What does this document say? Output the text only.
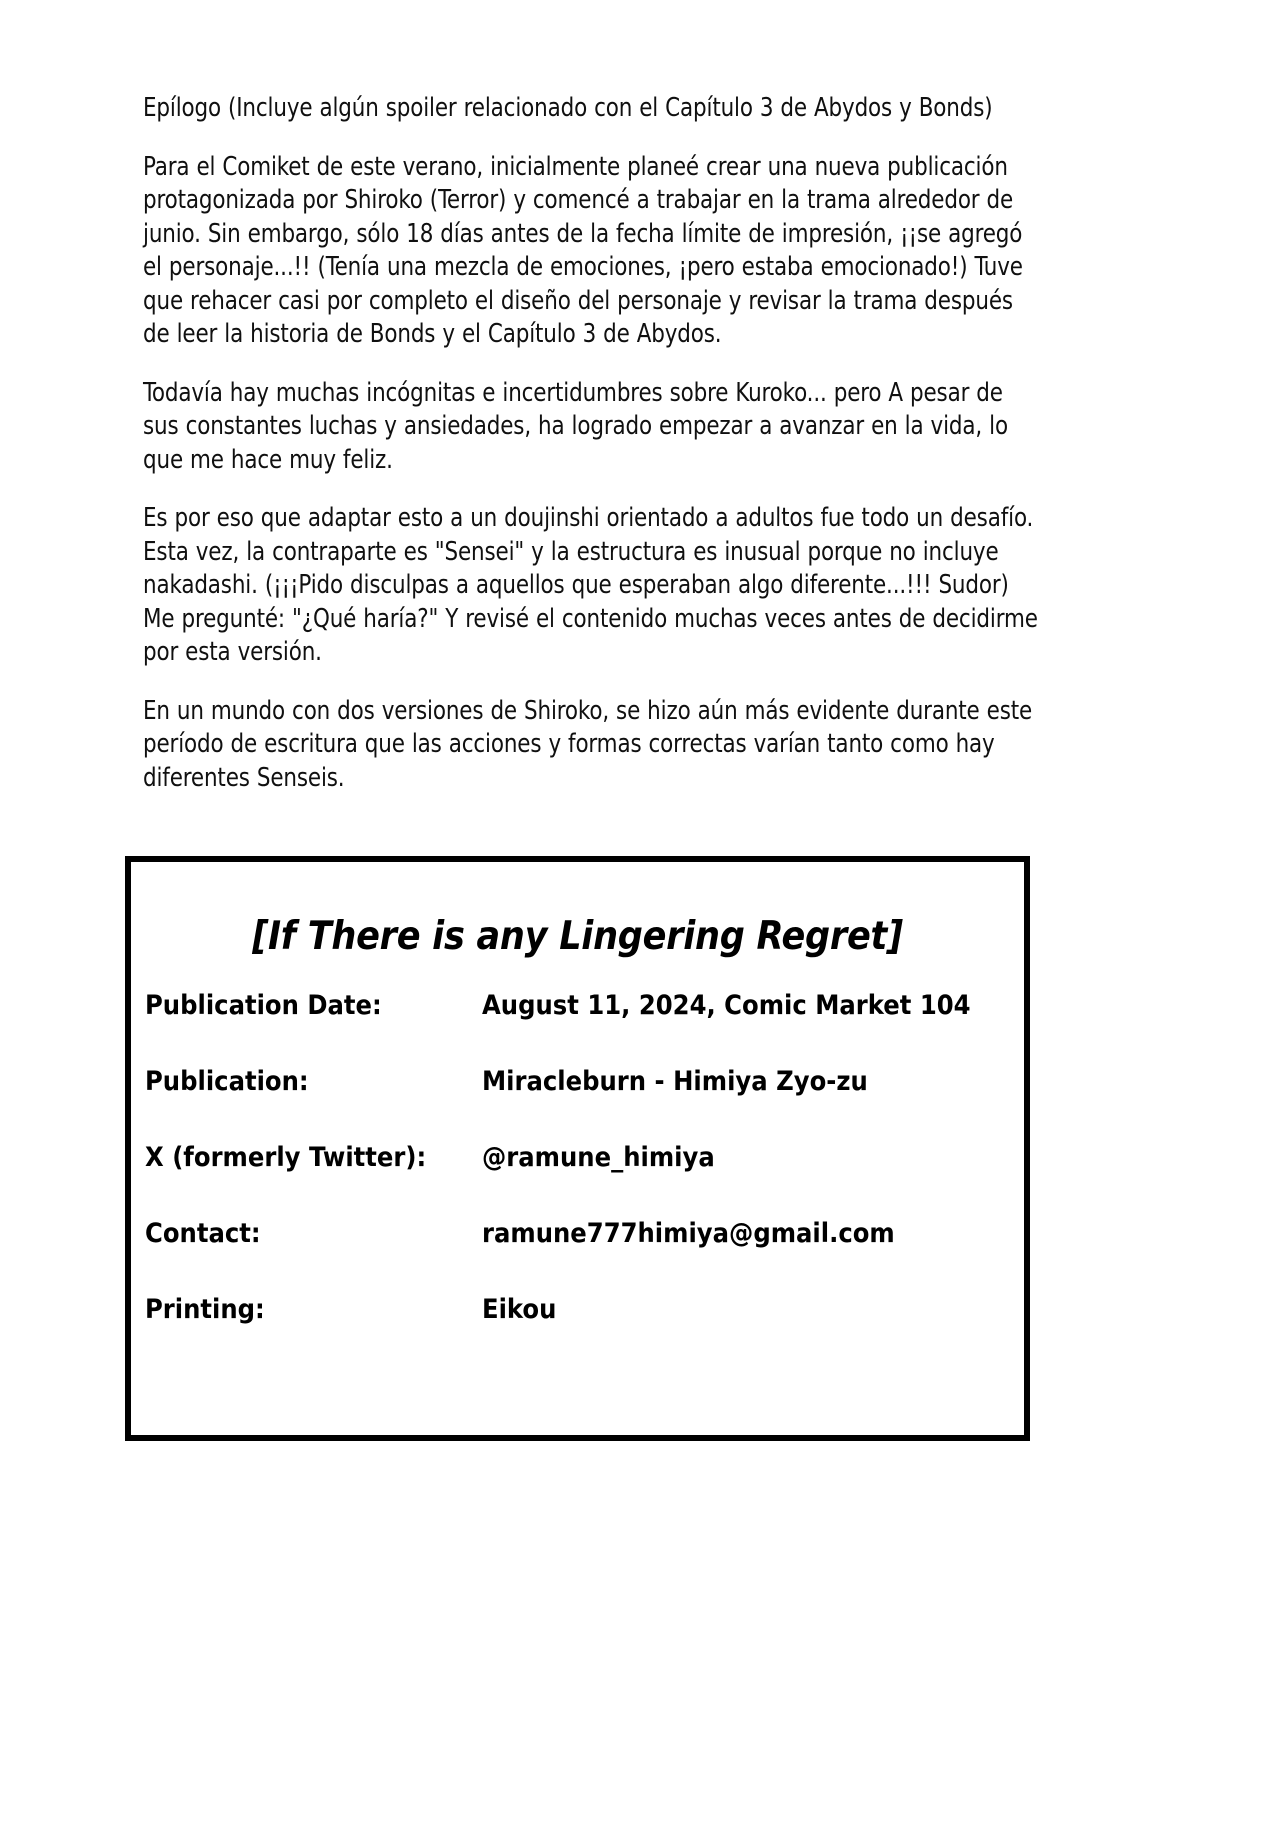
Epílogo (Incluye algún spoiler relacionado con el Capítulo 3 de Abydos y Bonds)

Para el Comiket de este verano, inicialmente planeé crear una nueva publicación protagonizada por Shiroko (Terror) y comencé a trabajar en la trama alrededor de junio. Sin embargo, sólo 18 días antes de la fecha límite de impresión, ¡¡se agregó el personaje...!! (Tenía una mezcla de emociones, ¡pero estaba emocionado!) Tuve que rehacer casi por completo el diseño del personaje y revisar la trama después de leer la historia de Bonds y el Capítulo 3 de Abydos.

Todavía hay muchas incógnitas e incertidumbres sobre Kuroko... pero A pesar de sus constantes luchas y ansiedades, ha logrado empezar a avanzar en la vida, lo que me hace muy feliz.

Es por eso que adaptar esto a un doujinshi orientado a adultos fue todo un desafío. Esta vez, la contraparte es "Sensei" y la estructura es inusual porque no incluye nakadashi. (¡¡¡Pido disculpas a aquellos que esperaban algo diferente...!!! Sudor) Me pregunté: "¿Qué haría?" Y revisé el contenido muchas veces antes de decidirme por esta versión.

En un mundo con dos versiones de Shiroko, se hizo aún más evidente durante este período de escritura que las acciones y formas correctas varían tanto como hay diferentes Senseis.

[If There is any Lingering Regret]
Publication Date:	August 11, 2024, Comic Market 104
Publication:	Miracleburn - Himiya Zyo-zu
X (formerly Twitter):	@ramune_himiya
Contact:	ramune777himiya@gmail.com
Printing:	Eikou
